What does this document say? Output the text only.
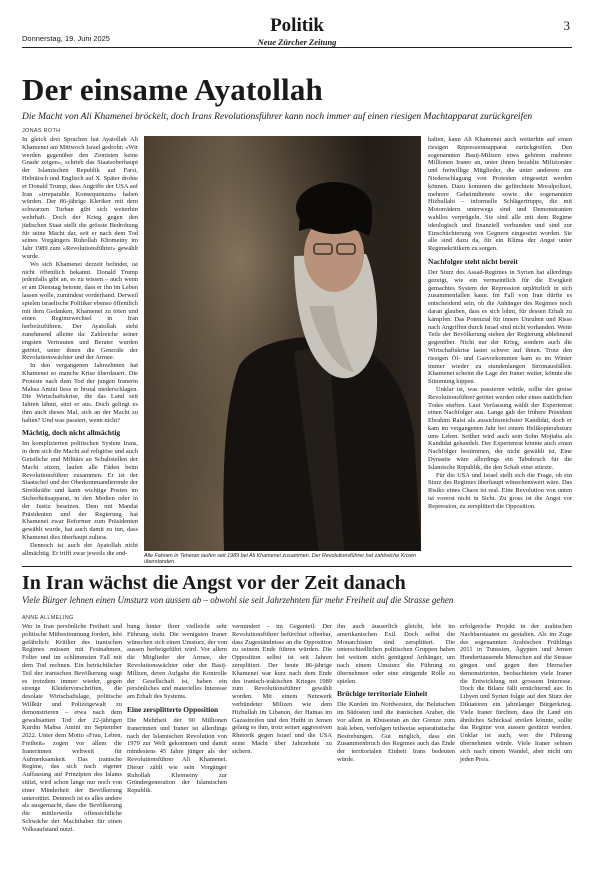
Donnerstag, 19. Juni 2025
Politik
Neue Zürcher Zeitung
3
Der einsame Ayatollah
Die Macht von Ali Khamenei bröckelt, doch Irans Revolutionsführer kann noch immer auf einen riesigen Machtapparat zurückgreifen
JONAS ROTH

In gleich drei Sprachen hat Ayatollah Ali Khamenei am Mittwoch Israel gedroht: «Wir werden gegenüber den Zionisten keine Gnade zeigen», schrieb das Staatsoberhaupt der Islamischen Republik auf Farsi, Hebräisch und Englisch auf X. Später drohte er Donald Trump, dass Angriffe der USA auf Iran «irreparable Konsequenzen» haben würden. Der 86-jährige Kleriker mit dem schwarzen Turban gibt sich weiterhin wehrhaft. Doch der Krieg gegen den jüdischen Staat stellt die grösste Bedrohung für seine Macht dar, seit er nach dem Tod seines Vorgängers Ruhollah Khomeiny im Jahr 1989 zum «Revolutionsführer» gewählt wurde.

Wo sich Khamenei derzeit befindet, ist nicht öffentlich bekannt. Donald Trump jedenfalls gibt an, es zu wissen – auch wenn er am Dienstag betonte, dass er ihn im Leben lassen wolle, zumindest vorderhand. Derweil spielen israelische Politiker ebenso öffentlich mit dem Gedanken, Khamenei zu töten und einen Regimewechsel in Iran herbeizuführen. Der Ayatollah steht zunehmend alleine da: Zahlreiche seiner engsten Vertrauten und Berater wurden getötet, unter ihnen die Generäle der Revolutionswächter und der Armee.

In den vergangenen Jahrzehnten hat Khamenei so manche Krise überdauert. Die Proteste nach dem Tod der jungen Iranerin Mahsa Amini liess er brutal niederschlagen. Die Wirtschaftskrise, die das Land seit Jahren lähmt, sitzt er aus. Doch gelingt es ihm auch dieses Mal, sich an der Macht zu halten? Und was passiert, wenn nicht?

Mächtig, doch nicht allmächtig

Im komplizierten politischen System Irans, in dem sich die Macht auf religiöse und auch Geistliche und Militärs an Schaltstellen der Macht sitzen, laufen alle Fäden beim Revolutionsführer zusammen. Er ist der Staatschef und der Oberkommandierende der Streitkräfte und kann wichtige Posten im Sicherheitsapparat, in den Medien oder in der Justiz besetzen. Dem mit Mandat Präsidenten und der Regierung hat Khamenei zwar Reformer zum Präsidenten gewählt wurde, hat auch damit zu tun, dass Khamenei dies überhaupt zuliess.

Dennoch ist auch der Ayatollah nicht allmächtig. Er trifft zwar jeweils die end-	Alle Fahnen in Teheran laufen seit 1989 bei Ali Khamenei zusammen. Der Revolutionsführer hat zahlreiche Krisen überstanden.

halten, kann Ali Khamenei auch weiterhin auf einen riesigen Repressionsapparat zurückgreifen. Den sogenannten Basij-Milizen etwa gehören mehrere Millionen Iraner an, unter ihnen bezahlte Milizionäre und freiwillige Mitglieder, die unter anderem zur Niederschlagung von Protesten eingesetzt werden können. Dazu kommen die gefürchtete Moralpolizei, mehrere Geheimdienste sowie die sogenannten Hizbullahi – informelle Schlägertrupps, die mit Motorrädern unterwegs sind und Demonstranten wahllos verprügeln. Sie sind alle mit dem Regime ideologisch und finanziell verbunden und sind zur Einschüchterung von Gegnern eingesetzt worden. Sie alle sind dazu da, für ein Klima der Angst unter Regimekritikern zu sorgen.

Nachfolger steht nicht bereit

Der Sturz des Assad-Regimes in Syrien hat allerdings gezeigt, wie ein vermeintlich für die Ewigkeit gemachtes System der Repression urplötzlich in sich zusammenfallen kann. Im Fall von Iran dürfte es entscheidend sein, ob die Anhänger des Regimes noch daran glauben, dass es sich lohnt, für dessen Erhalt zu kämpfen. Das Potenzial für innere Unruhen und Risse nach Angriffen durch Israel sind nicht vorhanden. Weite Teile der Bevölkerung stehen der Regierung ablehnend gegenüber. Nicht nur der Krieg, sondern auch die Wirtschaftskrise lastet schwer auf ihnen. Trotz den riesigen Öl- und Gasvorkommen kam es im Winter immer wieder zu stundenlangen Stromausfällen. Khamenei scheint die Lage der Iraner weiter, könnte die Stimmung kippen.

Unklar ist, was passieren würde, sollte der greise Revolutionsführer getötet werden oder eines natürlichen Todes sterben. Laut Verfassung wählt der Expertenrat einen Nachfolger aus. Lange galt der frühere Präsident Ebrahim Raisi als aussichtsreichster Kandidat, doch er kam im vergangenen Jahr bei einem Helikopterabsturz ums Leben. Seither wird auch sein Sohn Mojtaba als Kandidat gehandelt. Der Expertenrat könnte auch einen Nachfolger bestimmen, der nicht gewählt ist. Eine Dynastie wäre allerdings ein Tabubruch für die Islamische Republik, die den Schah einst stürzte.

Für die USA und Israel stellt sich die Frage, ob ein Sturz des Regimes überhaupt wünschenswert wäre. Das Risiko eines Chaos ist real. Eine Revolution von unten ist vorerst nicht in Sicht. Zu gross ist die Angst vor Repression, zu zersplittert die Opposition.

In Iran wächst die Angst vor der Zeit danach
Viele Bürger lehnen einen Umsturz von aussen ab – obwohl sie seit Jahrzehnten für mehr Freiheit auf die Strasse gehen
ANNE ALLMELING

Wer in Iran persönliche Freiheit und politische Mitbestimmung fordert, lebt gefährlich: Kritiker des iranischen Regimes müssen mit Festnahmen, Folter und im schlimmsten Fall mit dem Tod rechnen. Ein beträchtlicher Teil der iranischen Bevölkerung wagt es trotzdem immer wieder, gegen strenge Kleidervorschriften, die desolate Wirtschaftslage, politische Willkür und Polizeigewalt zu demonstrieren – etwa nach dem gewaltsamen Tod der 22-jährigen Kurdin Mahsa Amini im September 2022. Unter dem Motto «Frau, Leben, Freiheit» zogen vor allem die Iranerinnen weltweit für Aufmerksamkeit. Das iranische Regime, das sich nach eigener Auffassung auf Prinzipien des Islams stützt, wird schon lange nur noch von einer Minderheit der Bevölkerung unterstützt. Dennoch ist es alles andere als ausgemacht, dass die Bevölkerung die mittlerweile offensichtliche Schwäche der Machthaber für einen Volksaufstand nutzt.

bung hinter ihrer vielleicht sehr Führung steht. Die wenigsten Iraner wünschen sich einen Umsturz, der von aussen herbeigeführt wird. Vor allem die Mitglieder der Armee, der Revolutionswächter oder der Basij-Milizen, deren Aufgabe die Kontrolle der Gesellschaft ist, haben ein persönliches und materielles Interesse am Erhalt des Systems.

Eine zersplitterte Opposition

Die Mehrheit der 90 Millionen Iranerinnen und Iraner ist allerdings nach der Islamischen Revolution von 1979 zur Welt gekommen und damit mindestens 45 Jahre jünger als der Revolutionsführer Ali Khamenei. Dieser zählt wie sein Vorgänger Ruhollah Khomeiny zur Gründergeneration der Islamischen Republik.

vermindert – im Gegenteil: Der Revolutionsführer befürchtet offenbar, dass Zugeständnisse an die Opposition zu seinem Ende führen würden. Die Opposition selbst ist seit Jahren zersplittert. Der heute 86-jährige Khamenei war kurz nach dem Ende des iranisch-irakischen Krieges 1989 zum Revolutionsführer gewählt worden. Mit einem Netzwerk verbündeter Milizen wie dem Hizbullah im Libanon, der Hamas im Gazastreifen und den Huthi in Jemen gelang es ihm, trotz seiner aggressiven Rhetorik gegen Israel und die USA seine Macht über Jahrzehnte zu sichern.

ihn auch äusserlich gleicht, lebt im amerikanischen Exil. Doch selbst die Monarchisten sind zersplittert. Die unterschiedlichen politischen Gruppen haben bei weitem nicht genügend Anhänger, um nach einem Umsturz die Führung zu übernehmen oder eine einigende Rolle zu spielen.

Brüchige territoriale Einheit

Die Kurden im Nordwesten, die Belutschen im Südosten und die iranischen Araber, die vor allem in Khusestan an der Grenze zum Irak leben, verfolgen teilweise separatistische Bestrebungen. Gut möglich, dass ein Zusammenbruch des Regimes auch das Ende der territorialen Einheit Irans bedeuten würde.

erfolgreiche Projekt in der arabischen Nachbarstaaten zu gestalten. Als im Zuge des sogenannten Arabischen Frühlings 2011 in Tunesien, Ägypten und Jemen Hunderttausende Menschen auf die Strasse gingen und gegen ihre Herrscher demonstrierten, beobachteten viele Iraner die Entwicklung mit grossem Interesse. Doch die Bilanz fällt ernüchternd aus: In Libyen und Syrien folgte auf den Sturz der Diktatoren ein jahrelanger Bürgerkrieg. Viele Iraner fürchten, dass ihr Land ein ähnliches Schicksal ereilen könnte, sollte das Regime von aussen gestürzt werden. Unklar ist auch, wer die Führung übernehmen würde. Viele Iraner sehnen sich nach einem Wandel, aber nicht um jeden Preis.
